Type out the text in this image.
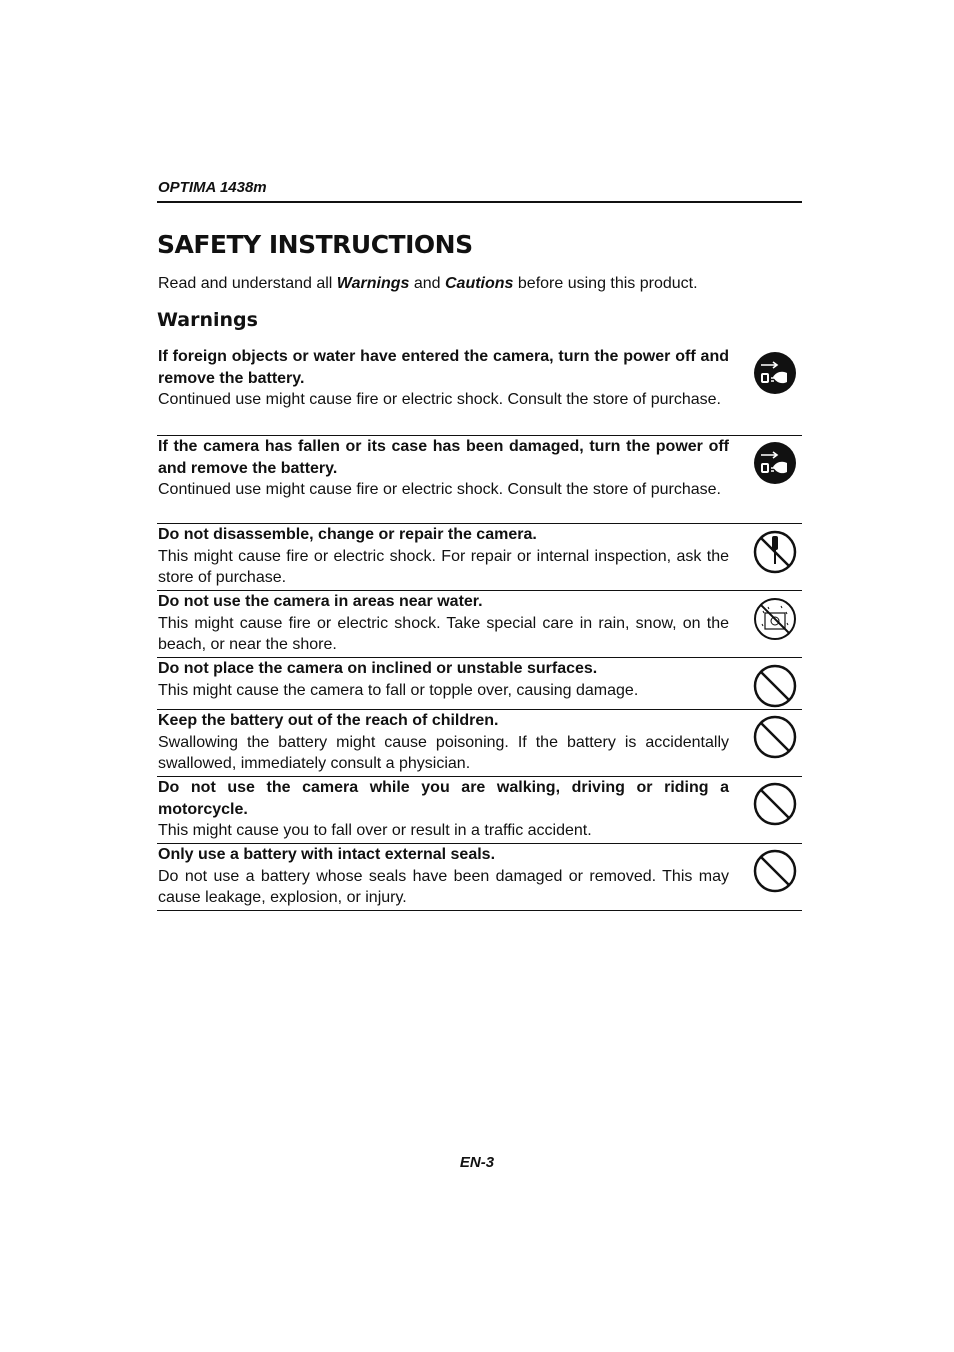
OPTIMA 1438m
SAFETY INSTRUCTIONS
Read and understand all Warnings and Cautions before using this product.
Warnings
If foreign objects or water have entered the camera, turn the power off and remove the battery.
Continued use might cause fire or electric shock. Consult the store of purchase.
If the camera has fallen or its case has been damaged, turn the power off and remove the battery.
Continued use might cause fire or electric shock. Consult the store of purchase.
Do not disassemble, change or repair the camera.
This might cause fire or electric shock. For repair or internal inspection, ask the store of purchase.
Do not use the camera in areas near water.
This might cause fire or electric shock. Take special care in rain, snow, on the beach, or near the shore.
Do not place the camera on inclined or unstable surfaces.
This might cause the camera to fall or topple over, causing damage.
Keep the battery out of the reach of children.
Swallowing the battery might cause poisoning. If the battery is accidentally swallowed, immediately consult a physician.
Do not use the camera while you are walking, driving or riding a motorcycle.
This might cause you to fall over or result in a traffic accident.
Only use a battery with intact external seals.
Do not use a battery whose seals have been damaged or removed. This may cause leakage, explosion, or injury.
EN-3
